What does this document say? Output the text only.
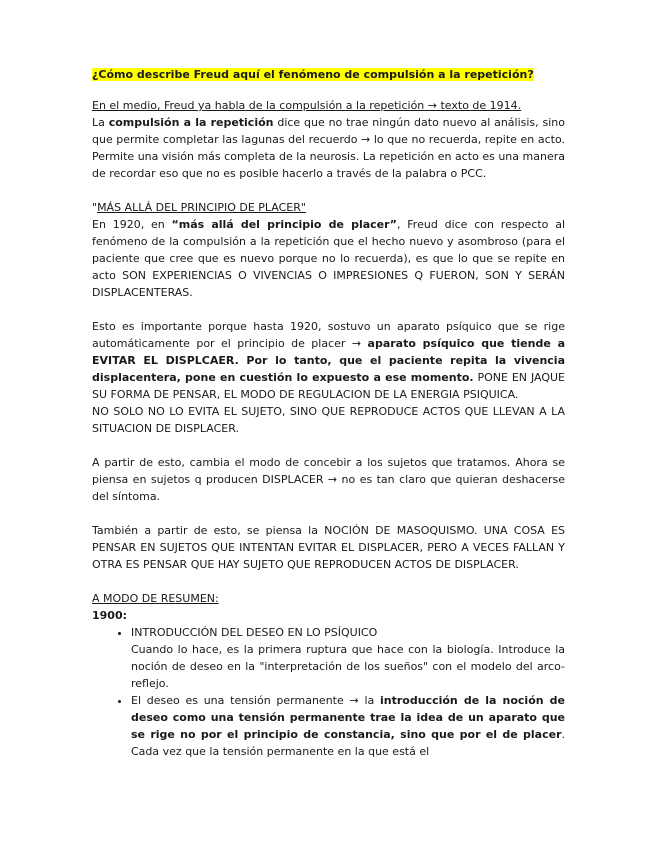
¿Cómo describe Freud aquí el fenómeno de compulsión a la repetición?

En el medio, Freud ya habla de la compulsión a la repetición → texto de 1914.
La compulsión a la repetición dice que no trae ningún dato nuevo al análisis, sino que permite completar las lagunas del recuerdo → lo que no recuerda, repite en acto. Permite una visión más completa de la neurosis. La repetición en acto es una manera de recordar eso que no es posible hacerlo a través de la palabra o PCC.

"MÁS ALLÁ DEL PRINCIPIO DE PLACER"

En 1920, en “más allá del principio de placer”, Freud dice con respecto al fenómeno de la compulsión a la repetición que el hecho nuevo y asombroso (para el paciente que cree que es nuevo porque no lo recuerda), es que lo que se repite en acto SON EXPERIENCIAS O VIVENCIAS O IMPRESIONES Q FUERON, SON Y SERÁN DISPLACENTERAS.

Esto es importante porque hasta 1920, sostuvo un aparato psíquico que se rige automáticamente por el principio de placer → aparato psíquico que tiende a EVITAR EL DISPLCAER. Por lo tanto, que el paciente repita la vivencia displacentera, pone en cuestión lo expuesto a ese momento. PONE EN JAQUE SU FORMA DE PENSAR, EL MODO DE REGULACION DE LA ENERGIA PSIQUICA.
NO SOLO NO LO EVITA EL SUJETO, SINO QUE REPRODUCE ACTOS QUE LLEVAN A LA SITUACION DE DISPLACER.

A partir de esto, cambia el modo de concebir a los sujetos que tratamos. Ahora se piensa en sujetos q producen DISPLACER → no es tan claro que quieran deshacerse del síntoma.

También a partir de esto, se piensa la NOCIÓN DE MASOQUISMO. UNA COSA ES PENSAR EN SUJETOS QUE INTENTAN EVITAR EL DISPLACER, PERO A VECES FALLAN Y OTRA ES PENSAR QUE HAY SUJETO QUE REPRODUCEN ACTOS DE DISPLACER.

A MODO DE RESUMEN:

1900:

• INTRODUCCIÓN DEL DESEO EN LO PSÍQUICO
Cuando lo hace, es la primera ruptura que hace con la biología. Introduce la noción de deseo en la "interpretación de los sueños" con el modelo del arco-reflejo.
• El deseo es una tensión permanente → la introducción de la noción de deseo como una tensión permanente trae la idea de un aparato que se rige no por el principio de constancia, sino que por el de placer. Cada vez que la tensión permanente en la que está el
